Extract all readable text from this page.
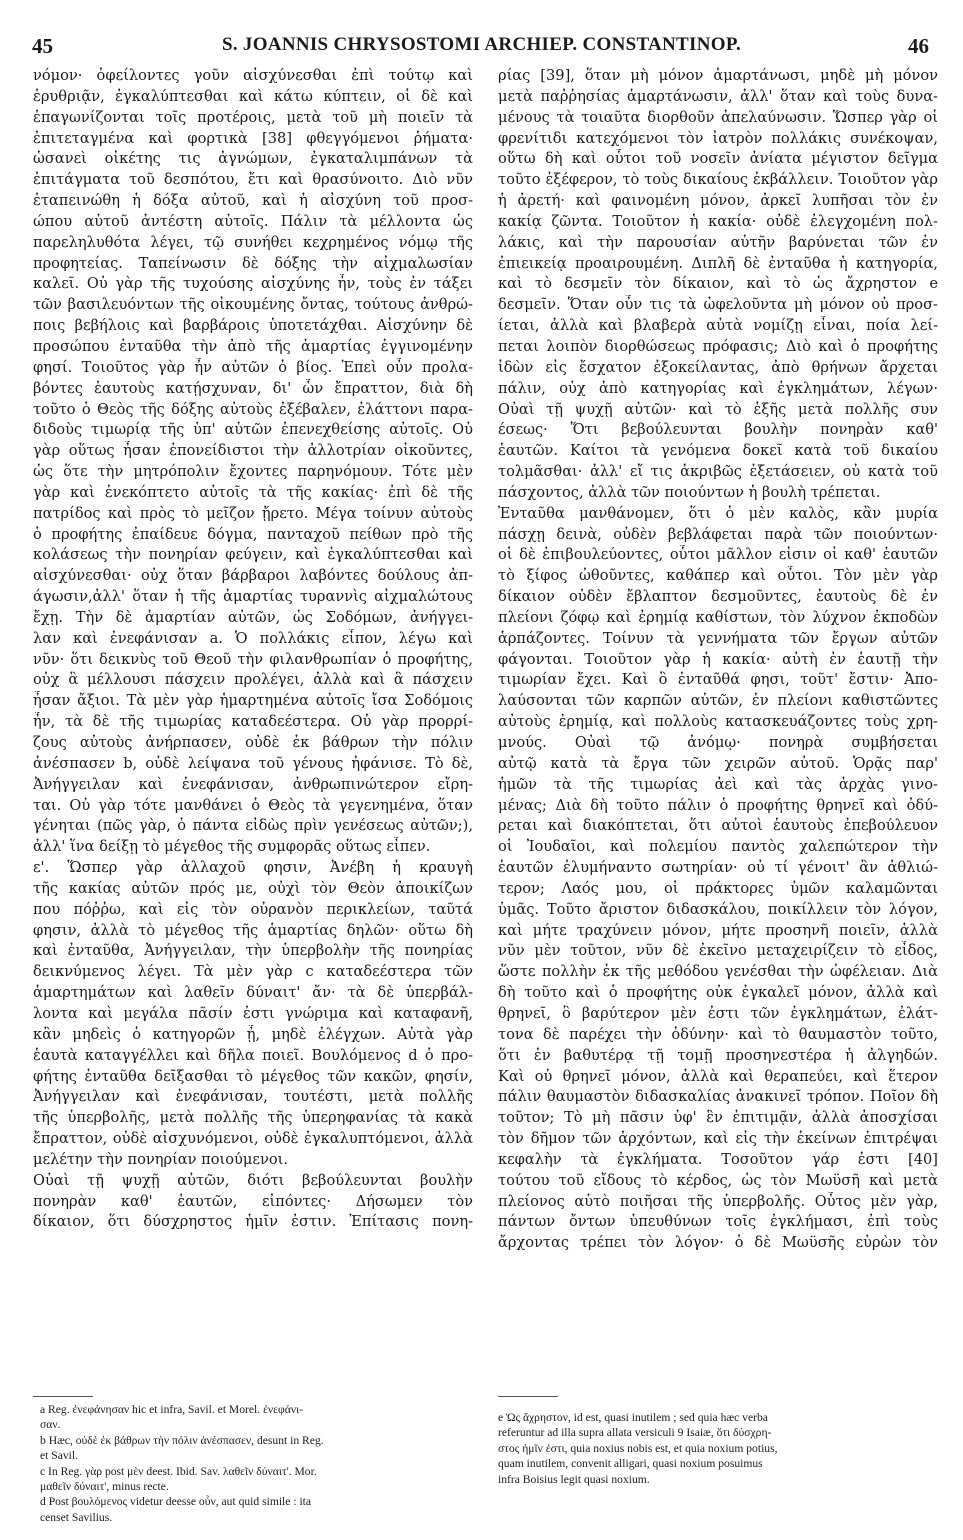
45	S. JOANNIS CHRYSOSTOMI ARCHIEP. CONSTANTINOP.	46
νόμον· ὀφείλοντες γοῦν αἰσχύνεσθαι ἐπὶ τούτῳ καὶ
ἐρυθριᾷν, ἐγκαλύπτεσθαι καὶ κάτω κύπτειν, οἱ δὲ καὶ
ἐπαγωνίζονται τοῖς προτέροις, μετὰ τοῦ μὴ ποιεῖν τὰ
ἐπιτεταγμένα καὶ φορτικὰ [38] φθεγγόμενοι ῥήματα·
ὡσανεὶ οἰκέτης τις ἀγνώμων, ἐγκαταλιμπάνων τὰ
ἐπιτάγματα τοῦ δεσπότου, ἔτι καὶ θρασύνοιτο. Διὸ νῦν
ἐταπεινώθη ἡ δόξα αὐτοῦ, καὶ ἡ αἰσχύνη τοῦ προσ-
ώπου αὐτοῦ ἀντέστη αὐτοῖς. Πάλιν τὰ μέλλοντα ὡς
παρεληλυθότα λέγει, τῷ συνήθει κεχρημένος νόμῳ τῆς
προφητείας. Ταπείνωσιν δὲ δόξης τὴν αἰχμαλωσίαν
καλεῖ. Οὐ γὰρ τῆς τυχούσης αἰσχύνης ἦν, τοὺς ἐν τάξει
τῶν βασιλευόντων τῆς οἰκουμένης ὄντας, τούτους ἀνθρώ-
ποις βεβήλοις καὶ βαρβάροις ὑποτετάχθαι. Αἰσχύνην δὲ
προσώπου ἐνταῦθα τὴν ἀπὸ τῆς ἁμαρτίας ἐγγινομένην
φησί. Τοιοῦτος γὰρ ἦν αὐτῶν ὁ βίος. Ἐπεὶ οὖν προλα-
βόντες ἑαυτοὺς κατῄσχυναν, δι' ὧν ἔπραττον, διὰ δὴ
τοῦτο ὁ Θεὸς τῆς δόξης αὐτοὺς ἐξέβαλεν, ἐλάττονι παρα-
διδοὺς τιμωρίᾳ τῆς ὑπ' αὐτῶν ἐπενεχθείσης αὐτοῖς. Οὐ
γὰρ οὕτως ἦσαν ἐπονείδιστοι τὴν ἀλλοτρίαν οἰκοῦντες,
ὡς ὅτε τὴν μητρόπολιν ἔχοντες παρηνόμουν. Τότε μὲν
γὰρ καὶ ἐνεκόπτετο αὐτοῖς τὰ τῆς κακίας· ἐπὶ δὲ τῆς
πατρίδος καὶ πρὸς τὸ μεῖζον ᾔρετο. Μέγα τοίνυν αὐτοὺς
ὁ προφήτης ἐπαίδευε δόγμα, πανταχοῦ πείθων πρὸ τῆς
κολάσεως τὴν πονηρίαν φεύγειν, καὶ ἐγκαλύπτεσθαι καὶ
αἰσχύνεσθαι· οὐχ ὅταν βάρβαροι λαβόντες δούλους ἀπ-
άγωσιν,ἀλλ' ὅταν ἡ τῆς ἁμαρτίας τυραννὶς αἰχμαλώτους
ἔχῃ. Τὴν δὲ ἁμαρτίαν αὐτῶν, ὡς Σοδόμων, ἀνήγγει-
λαν καὶ ἐνεφάνισαν a. Ὁ πολλάκις εἶπον, λέγω καὶ
νῦν· ὅτι δεικνὺς τοῦ Θεοῦ τὴν φιλανθρωπίαν ὁ προφήτης,
οὐχ ἃ μέλλουσι πάσχειν προλέγει, ἀλλὰ καὶ ἃ πάσχειν
ἦσαν ἄξιοι. Τὰ μὲν γὰρ ἡμαρτημένα αὐτοῖς ἴσα Σοδόμοις
ἦν, τὰ δὲ τῆς τιμωρίας καταδεέστερα. Οὐ γὰρ προρρί-
ζους αὐτοὺς ἀνήρπασεν, οὐδὲ ἐκ βάθρων τὴν πόλιν
ἀνέσπασεν b, οὐδὲ λείψανα τοῦ γένους ἠφάνισε. Τὸ δὲ,
Ἀνήγγειλαν καὶ ἐνεφάνισαν, ἀνθρωπινώτερον εἴρη-
ται. Οὐ γὰρ τότε μανθάνει ὁ Θεὸς τὰ γεγενημένα, ὅταν
γένηται (πῶς γὰρ, ὁ πάντα εἰδὼς πρὶν γενέσεως αὐτῶν;),
ἀλλ' ἵνα δείξῃ τὸ μέγεθος τῆς συμφορᾶς οὕτως εἶπεν.
ε'. Ὥσπερ γὰρ ἀλλαχοῦ φησιν, Ἀνέβη ἡ κραυγὴ
τῆς κακίας αὐτῶν πρός με, οὐχὶ τὸν Θεὸν ἀποικίζων
που πόῤῥω, καὶ εἰς τὸν οὐρανὸν περικλείων, ταῦτά
φησιν, ἀλλὰ τὸ μέγεθος τῆς ἁμαρτίας δηλῶν· οὕτω δὴ
καὶ ἐνταῦθα, Ἀνήγγειλαν, τὴν ὑπερβολὴν τῆς πονηρίας
δεικνύμενος λέγει. Τὰ μὲν γὰρ c καταδεέστερα τῶν
ἁμαρτημάτων καὶ λαθεῖν δύναιτ' ἄν· τὰ δὲ ὑπερβάλ-
λοντα καὶ μεγάλα πᾶσίν ἐστι γνώριμα καὶ καταφανῆ,
κἂν μηδεὶς ὁ κατηγορῶν ᾖ, μηδὲ ἐλέγχων. Αὐτὰ γὰρ
ἑαυτὰ καταγγέλλει καὶ δῆλα ποιεῖ. Βουλόμενος d ὁ προ-
φήτης ἐνταῦθα δεῖξασθαι τὸ μέγεθος τῶν κακῶν, φησίν,
Ἀνήγγειλαν καὶ ἐνεφάνισαν, τουτέστι, μετὰ πολλῆς
τῆς ὑπερβολῆς, μετὰ πολλῆς τῆς ὑπερηφανίας τὰ κακὰ
ἔπραττον, οὐδὲ αἰσχυνόμενοι, οὐδὲ ἐγκαλυπτόμενοι, ἀλλὰ
μελέτην τὴν πονηρίαν ποιούμενοι.
Οὐαὶ τῇ ψυχῇ αὐτῶν, διότι βεβούλευνται βουλὴν
πονηρὰν καθ' ἑαυτῶν, εἰπόντες· Δήσωμεν τὸν
δίκαιον, ὅτι δύσχρηστος ἡμῖν ἐστιν. Ἐπίτασις πονη-
ρίας [39], ὅταν μὴ μόνον ἁμαρτάνωσι, μηδὲ μὴ μόνον
μετὰ παῤῥησίας ἁμαρτάνωσιν, ἀλλ' ὅταν καὶ τοὺς δυνα-
μένους τὰ τοιαῦτα διορθοῦν ἀπελαύνωσιν. Ὥσπερ γὰρ οἱ
φρενίτιδι κατεχόμενοι τὸν ἰατρὸν πολλάκις συνέκοψαν,
οὕτω δὴ καὶ οὗτοι τοῦ νοσεῖν ἀνίατα μέγιστον δεῖγμα
τοῦτο ἐξέφερον, τὸ τοὺς δικαίους ἐκβάλλειν. Τοιοῦτον γὰρ
ἡ ἀρετή· καὶ φαινομένη μόνον, ἀρκεῖ λυπῆσαι τὸν ἐν
κακίᾳ ζῶντα. Τοιοῦτον ἡ κακία· οὐδὲ ἐλεγχομένη πολ-
λάκις, καὶ τὴν παρουσίαν αὐτῆν βαρύνεται τῶν ἐν
ἐπιεικείᾳ προαιρουμένη. Διπλῆ δὲ ἐνταῦθα ἡ κατηγορία,
καὶ τὸ δεσμεῖν τὸν δίκαιον, καὶ τὸ ὡς ἄχρηστον e
δεσμεῖν. Ὅταν οὖν τις τὰ ὠφελοῦντα μὴ μόνον οὐ προσ-
ίεται, ἀλλὰ καὶ βλαβερὰ αὐτὰ νομίζῃ εἶναι, ποία λεί-
πεται λοιπὸν διορθώσεως πρόφασις; Διὸ καὶ ὁ προφήτης
ἰδὼν εἰς ἔσχατον ἐξοκείλαντας, ἀπὸ θρήνων ἄρχεται
πάλιν, οὐχ ἀπὸ κατηγορίας καὶ ἐγκλημάτων, λέγων·
Οὐαὶ τῇ ψυχῇ αὐτῶν· καὶ τὸ ἑξῆς μετὰ πολλῆς συν
έσεως· Ὅτι βεβούλευνται βουλὴν πονηρὰν καθ'
ἑαυτῶν. Καίτοι τὰ γενόμενα δοκεῖ κατὰ τοῦ δικαίου
τολμᾶσθαι· ἀλλ' εἴ τις ἀκριβῶς ἐξετάσειεν, οὐ κατὰ τοῦ
πάσχοντος, ἀλλὰ τῶν ποιούντων ἡ βουλὴ τρέπεται.
Ἐνταῦθα μανθάνομεν, ὅτι ὁ μὲν καλὸς, κἂν μυρία
πάσχῃ δεινὰ, οὐδὲν βεβλάφεται παρὰ τῶν ποιούντων·
οἱ δὲ ἐπιβουλεύοντες, οὗτοι μᾶλλον εἰσιν οἱ καθ' ἑαυτῶν
τὸ ξίφος ὠθοῦντες, καθάπερ καὶ οὗτοι. Τὸν μὲν γὰρ
δίκαιον οὐδὲν ἔβλαπτον δεσμοῦντες, ἑαυτοὺς δὲ ἐν
πλείονι ζόφῳ καὶ ἐρημίᾳ καθίστων, τὸν λύχνον ἐκποδὼν
ἁρπάζοντες. Τοίνυν τὰ γεννήματα τῶν ἔργων αὐτῶν
φάγονται. Τοιοῦτον γὰρ ἡ κακία· αὐτὴ ἐν ἑαυτῇ τὴν
τιμωρίαν ἔχει. Καὶ ὃ ἐνταῦθά φησι, τοῦτ' ἔστιν· Ἀπο-
λαύσονται τῶν καρπῶν αὐτῶν, ἐν πλείονι καθιστῶντες
αὐτοὺς ἐρημίᾳ, καὶ πολλοὺς κατασκευάζοντες τοὺς χρη-
μνούς. Οὐαὶ τῷ ἀνόμῳ· πονηρὰ συμβήσεται
αὐτῷ κατὰ τὰ ἔργα τῶν χειρῶν αὐτοῦ. Ὁρᾷς παρ'
ἡμῶν τὰ τῆς τιμωρίας ἀεὶ καὶ τὰς ἀρχὰς γινο-
μένας; Διὰ δὴ τοῦτο πάλιν ὁ προφήτης θρηνεῖ καὶ ὀδύ-
ρεται καὶ διακόπτεται, ὅτι αὐτοὶ ἑαυτοὺς ἐπεβούλευον
οἱ Ἰουδαῖοι, καὶ πολεμίου παντὸς χαλεπώτερον τὴν
ἑαυτῶν ἐλυμήναντο σωτηρίαν· οὐ τί γένοιτ' ἂν ἀθλιώ-
τερον; Λαός μου, οἱ πράκτορες ὑμῶν καλαμῶνται
ὑμᾶς. Τοῦτο ἄριστον διδασκάλου, ποικίλλειν τὸν λόγον,
καὶ μήτε τραχύνειν μόνον, μήτε προσηνῆ ποιεῖν, ἀλλὰ
νῦν μὲν τοῦτον, νῦν δὲ ἐκεῖνο μεταχειρίζειν τὸ εἶδος,
ὥστε πολλὴν ἐκ τῆς μεθόδου γενέσθαι τὴν ὠφέλειαν. Διὰ
δὴ τοῦτο καὶ ὁ προφήτης οὐκ ἐγκαλεῖ μόνον, ἀλλὰ καὶ
θρηνεῖ, ὃ βαρύτερον μὲν ἐστι τῶν ἐγκλημάτων, ἐλάτ-
τονα δὲ παρέχει τὴν ὀδύνην· καὶ τὸ θαυμαστὸν τοῦτο,
ὅτι ἐν βαθυτέρᾳ τῇ τομῇ προσηνεστέρα ἡ ἀλγηδών.
Καὶ οὐ θρηνεῖ μόνον, ἀλλὰ καὶ θεραπεύει, καὶ ἕτερον
πάλιν θαυμαστὸν διδασκαλίας ἀνακινεῖ τρόπον. Ποῖον δὴ
τοῦτον; Τὸ μὴ πᾶσιν ὑφ' ἓν ἐπιτιμᾷν, ἀλλὰ ἀποσχίσαι
τὸν δῆμον τῶν ἀρχόντων, καὶ εἰς τὴν ἐκείνων ἐπιτρέψαι
κεφαλὴν τὰ ἐγκλήματα. Τοσοῦτον γάρ ἐστι [40]
τούτου τοῦ εἴδους τὸ κέρδος, ὡς τὸν Μωϋσῆ καὶ μετὰ
πλείονος αὐτὸ ποιῆσαι τῆς ὑπερβολῆς. Οὗτος μὲν γὰρ,
πάντων ὄντων ὑπευθύνων τοῖς ἐγκλήμασι, ἐπὶ τοὺς
ἄρχοντας τρέπει τὸν λόγον· ὁ δὲ Μωϋσῆς εὑρὼν τὸν
a Reg. ἐνεφάνησαν hic et infra, Savil. et Morel. ἐνεφάνι-
σαν.
b Hæc, οὐδὲ ἐκ βάθρων τὴν πόλιν ἀνέσπασεν, desunt in Reg.
et Savil.
c In Reg. γὰρ post μὲν deest. Ibid. Sav. λαθεῖν δύναιτ'. Mor.
μαθεῖν δύναιτ', minus recte.
d Post βουλόμενος videtur deesse οὖν, aut quid simile : ita
censet Savilius.
e Ὡς ἄχρηστον, id est, quasi inutilem ; sed quia hæc verba
referuntur ad illa supra allata versiculi 9 Isaiæ, ὅτι δύσχρη-
στος ἡμῖν ἐστι, quia noxius nobis est, et quia noxium potius,
quam inutilem, convenit alligari, quasi noxium posuimus
infra Boisius legit quasi noxium.
